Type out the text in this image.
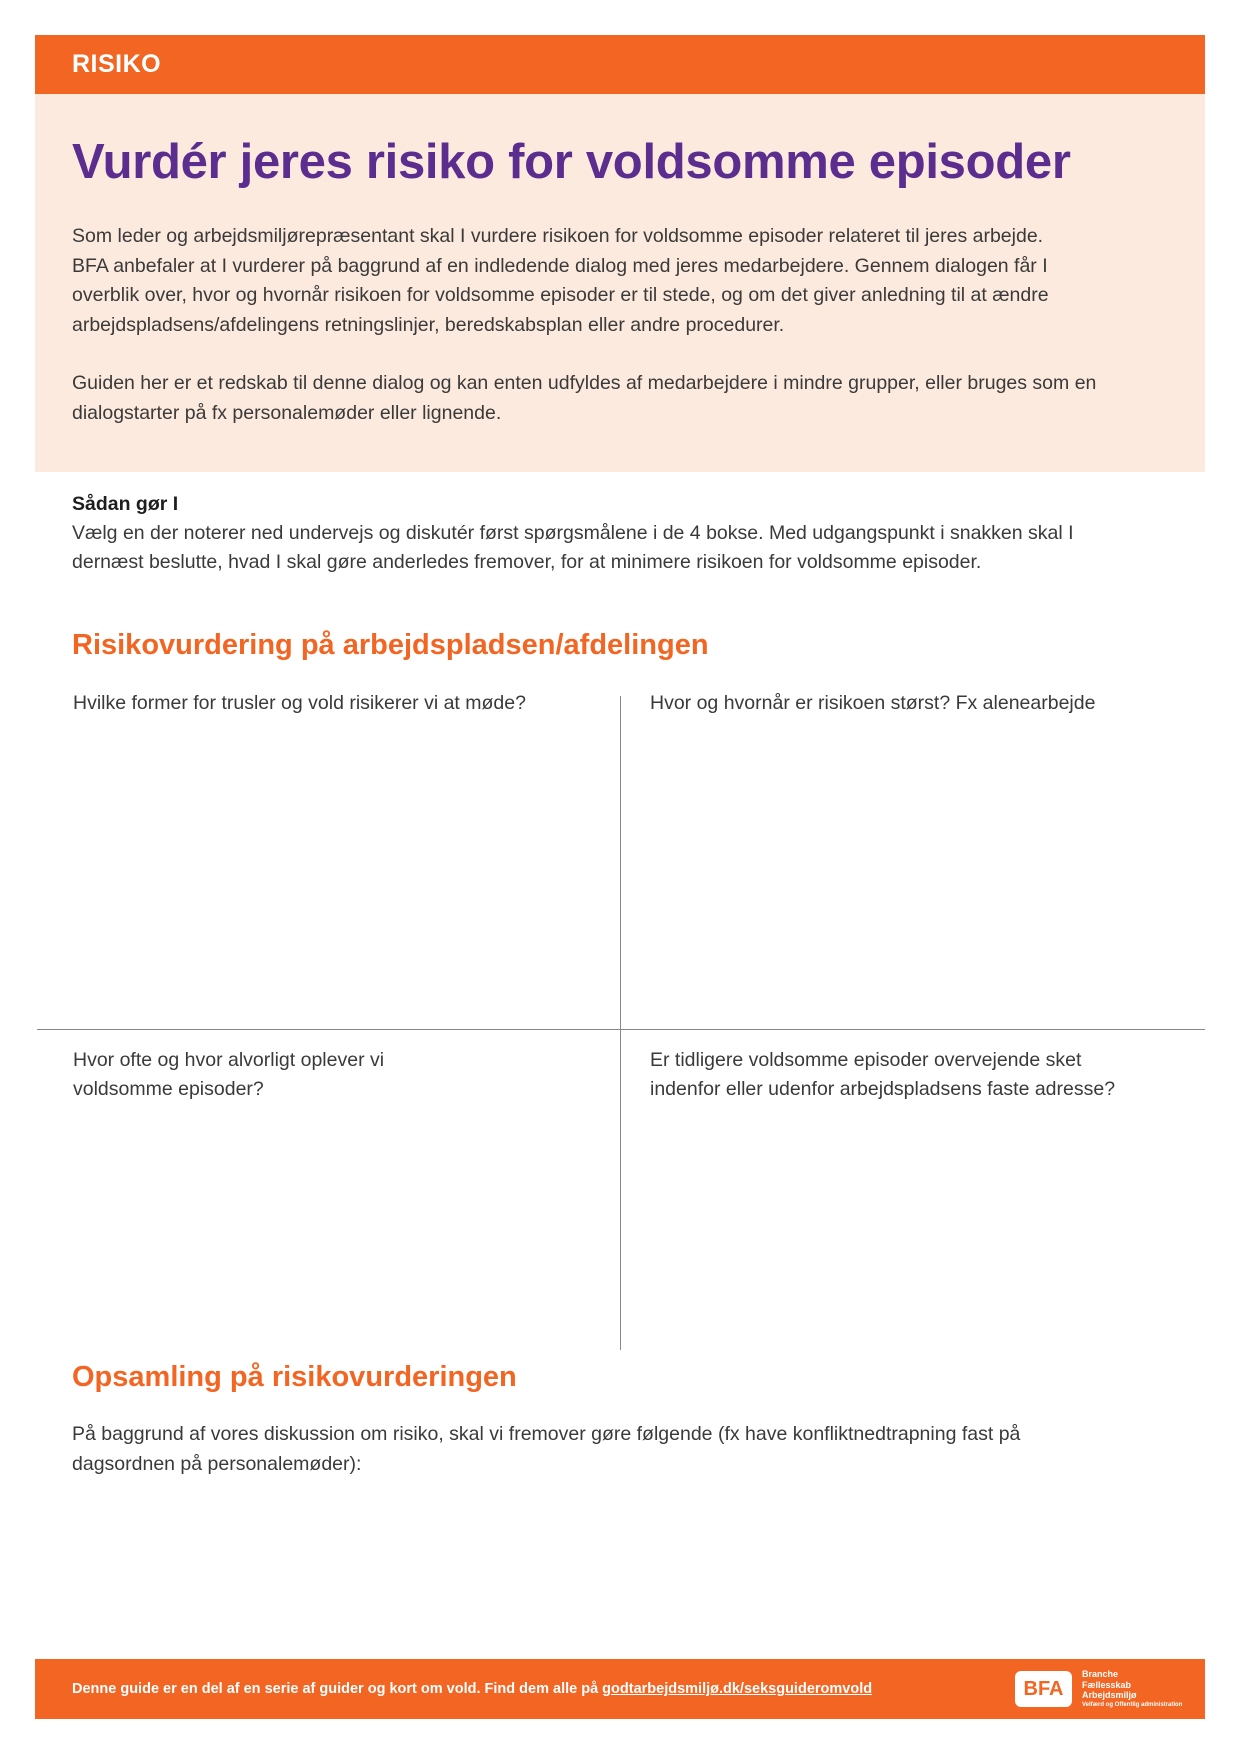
RISIKO
Vurdér jeres risiko for voldsomme episoder

Som leder og arbejdsmiljørepræsentant skal I vurdere risikoen for voldsomme episoder relateret til jeres arbejde.
BFA anbefaler at I vurderer på baggrund af en indledende dialog med jeres medarbejdere. Gennem dialogen får I
overblik over, hvor og hvornår risikoen for voldsomme episoder er til stede, og om det giver anledning til at ændre
arbejdspladsens/afdelingens retningslinjer, beredskabsplan eller andre procedurer.

Guiden her er et redskab til denne dialog og kan enten udfyldes af medarbejdere i mindre grupper, eller bruges som en
dialogstarter på fx personalemøder eller lignende.

Sådan gør I
Vælg en der noterer ned undervejs og diskutér først spørgsmålene i de 4 bokse. Med udgangspunkt i snakken skal I
dernæst beslutte, hvad I skal gøre anderledes fremover, for at minimere risikoen for voldsomme episoder.
Risikovurdering på arbejdspladsen/afdelingen
Hvilke former for trusler og vold risikerer vi at møde?	Hvor og hvornår er risikoen størst? Fx alenearbejde
Hvor ofte og hvor alvorligt oplever vi
voldsomme episoder?
Er tidligere voldsomme episoder overvejende sket
indenfor eller udenfor arbejdspladsens faste adresse?
Opsamling på risikovurderingen
På baggrund af vores diskussion om risiko, skal vi fremover gøre følgende (fx have konfliktnedtrapning fast på
dagsordnen på personalemøder):
Denne guide er en del af en serie af guider og kort om vold. Find dem alle på godtarbejdsmiljø.dk/seksguideromvold	BFA
Branche
Fællesskab
Arbejdsmiljø
Velfærd og Offentlig administration
